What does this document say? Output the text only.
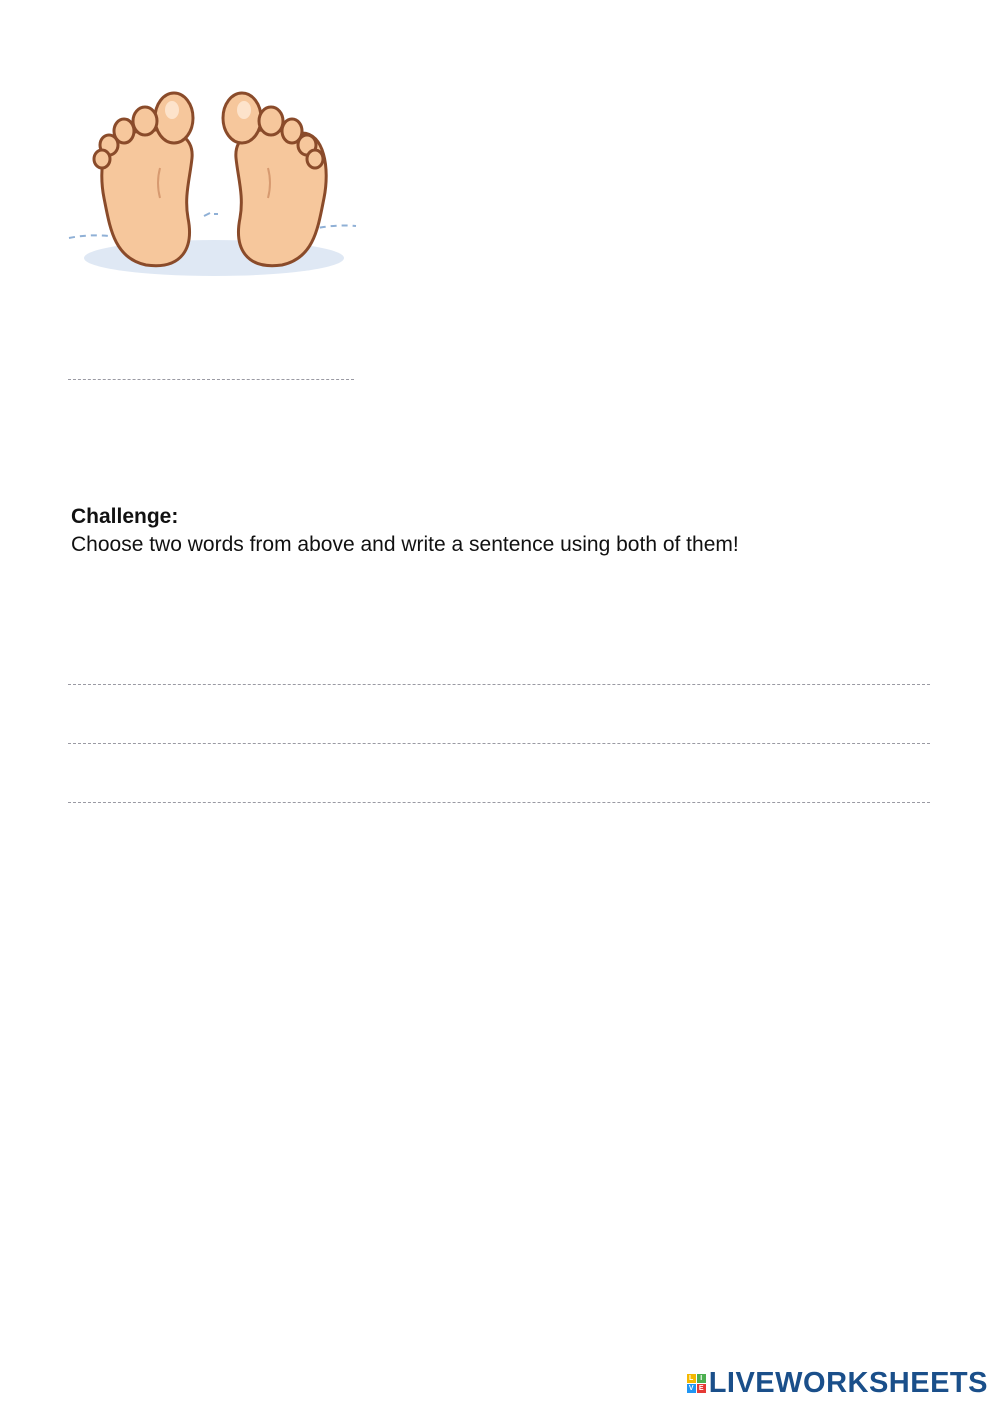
Challenge:

Choose two words from above and write a sentence using both of them!

L I
V E LIVEWORKSHEETS
